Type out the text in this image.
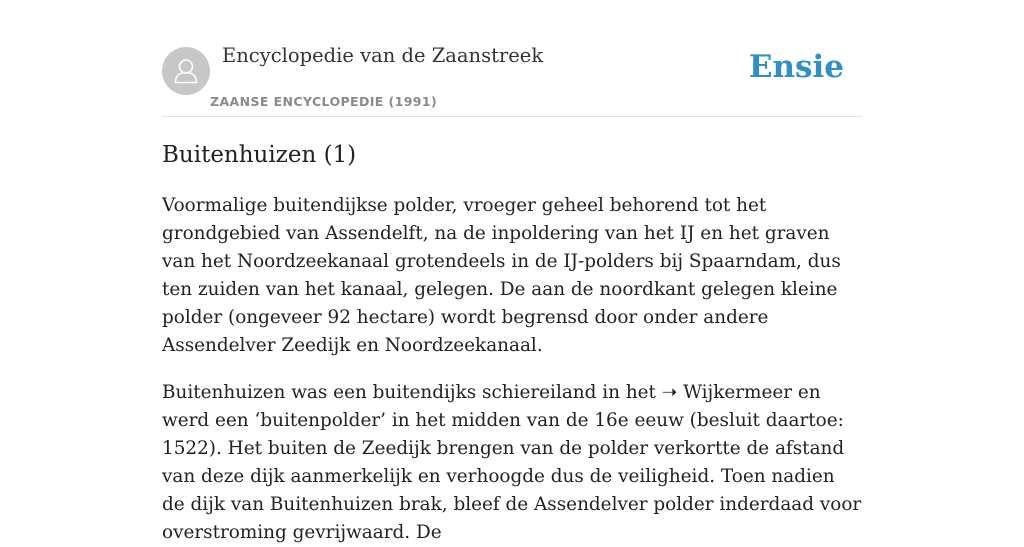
Encyclopedie van de Zaanstreek
ZAANSE ENCYCLOPEDIE (1991)
Ensie
Buitenhuizen (1)

Voormalige buitendijkse polder, vroeger geheel behorend tot het grondgebied van Assendelft, na de inpoldering van het IJ en het graven van het Noordzeekanaal grotendeels in de IJ-polders bij Spaarndam, dus ten zuiden van het kanaal, gelegen. De aan de noordkant gelegen kleine polder (ongeveer 92 hectare) wordt begrensd door onder andere Assendelver Zeedijk en Noordzeekanaal.

Buitenhuizen was een buitendijks schiereiland in het ➝ Wijkermeer en werd een ‘buitenpolder’ in het midden van de 16e eeuw (besluit daartoe: 1522). Het buiten de Zeedijk brengen van de polder verkortte de afstand van deze dijk aanmerkelijk en verhoogde dus de veiligheid. Toen nadien de dijk van Buitenhuizen brak, bleef de Assendelver polder inderdaad voor overstroming gevrijwaard. De
